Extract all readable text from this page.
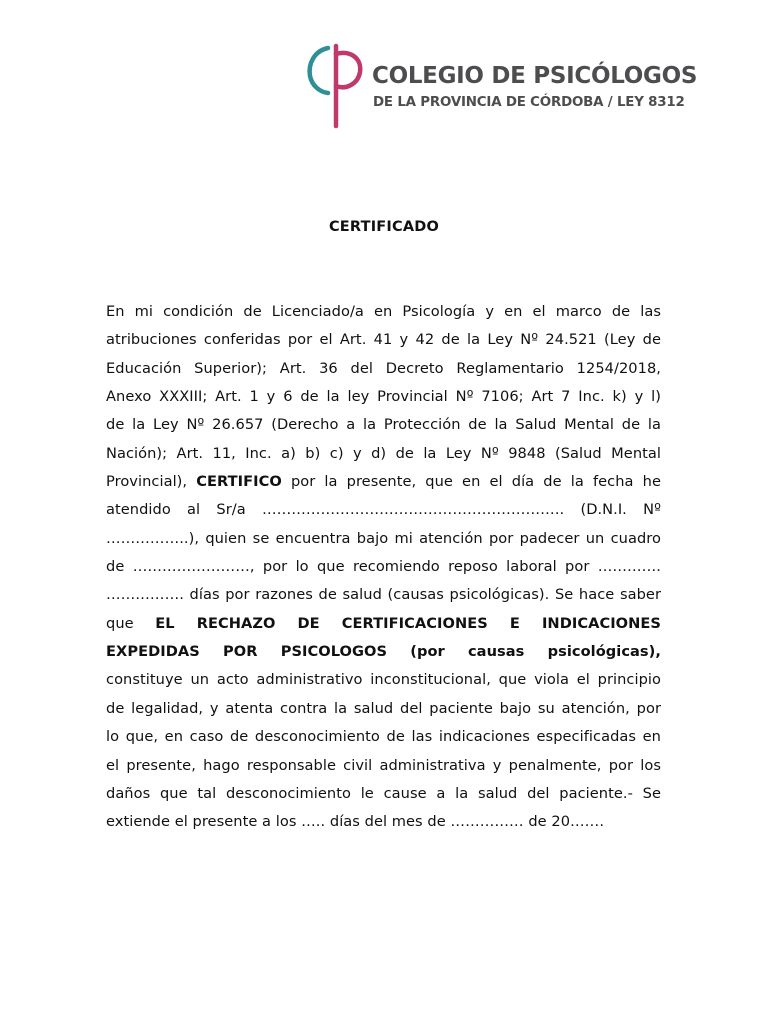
COLEGIO DE PSICÓLOGOS
DE LA PROVINCIA DE CÓRDOBA / LEY 8312
CERTIFICADO
En mi condición de Licenciado/a en Psicología y en el marco de las
atribuciones conferidas por el Art. 41 y 42 de la Ley Nº 24.521 (Ley de
Educación Superior); Art. 36 del Decreto Reglamentario 1254/2018,
Anexo XXXIII; Art. 1 y 6 de la ley Provincial Nº 7106; Art 7 Inc. k) y l)
de la Ley Nº 26.657 (Derecho a la Protección de la Salud Mental de la
Nación); Art. 11, Inc. a) b) c) y d) de la Ley Nº 9848 (Salud Mental
Provincial), CERTIFICO por la presente, que en el día de la fecha he
atendido al Sr/a …………………………………………………….. (D.N.I. Nº
……………..), quien se encuentra bajo mi atención por padecer un cuadro
de ……………………, por lo que recomiendo reposo laboral por ………….
……………. días por razones de salud (causas psicológicas). Se hace saber
que EL RECHAZO DE CERTIFICACIONES E INDICACIONES
EXPEDIDAS POR PSICOLOGOS (por causas psicológicas),
constituye un acto administrativo inconstitucional, que viola el principio
de legalidad, y atenta contra la salud del paciente bajo su atención, por
lo que, en caso de desconocimiento de las indicaciones especificadas en
el presente, hago responsable civil administrativa y penalmente, por los
daños que tal desconocimiento le cause a la salud del paciente.- Se
extiende el presente a los ….. días del mes de …………… de 20…….
